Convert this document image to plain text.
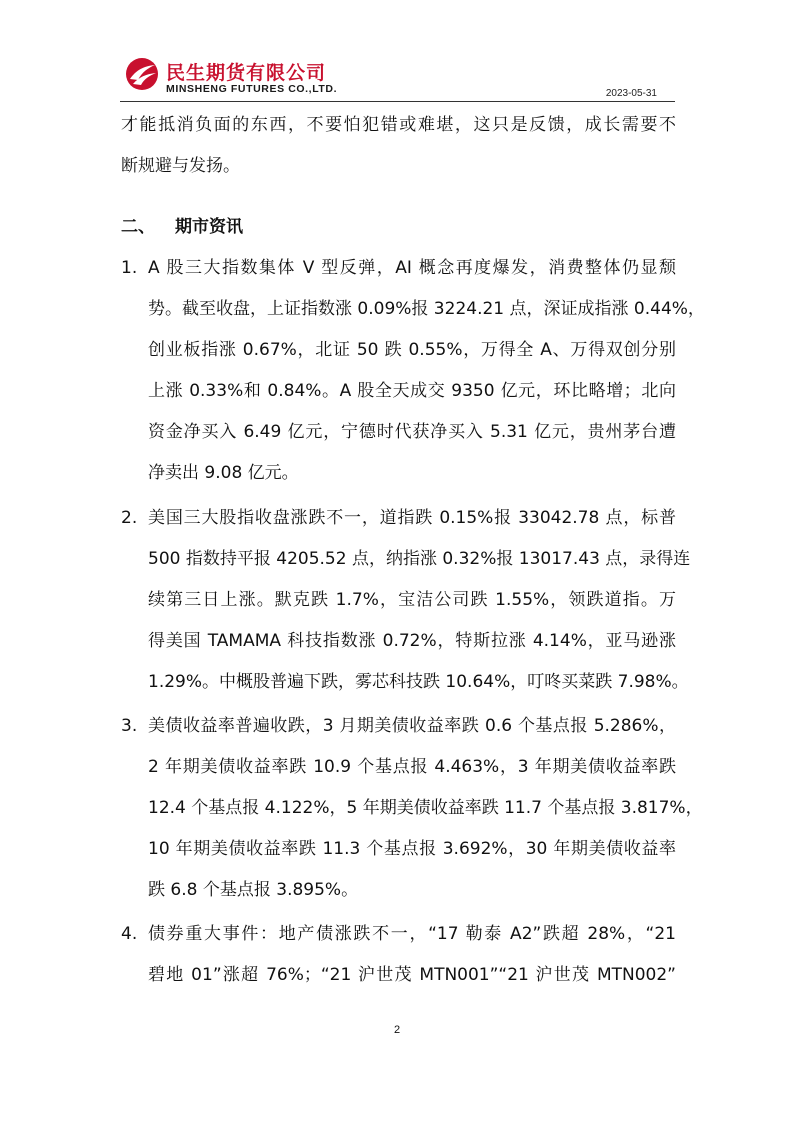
民生期货有限公司
MINSHENG FUTURES CO.,LTD.	2023-05-31
才能抵消负面的东西，不要怕犯错或难堪，这只是反馈，成长需要不
断规避与发扬。
二、 期市资讯
1. A 股三大指数集体 V 型反弹，AI 概念再度爆发，消费整体仍显颓
势。截至收盘，上证指数涨 0.09%报 3224.21 点，深证成指涨 0.44%，
创业板指涨 0.67%，北证 50 跌 0.55%，万得全 A、万得双创分别
上涨 0.33%和 0.84%。A 股全天成交 9350 亿元，环比略增；北向
资金净买入 6.49 亿元，宁德时代获净买入 5.31 亿元，贵州茅台遭
净卖出 9.08 亿元。
2. 美国三大股指收盘涨跌不一，道指跌 0.15%报 33042.78 点，标普
500 指数持平报 4205.52 点，纳指涨 0.32%报 13017.43 点，录得连
续第三日上涨。默克跌 1.7%，宝洁公司跌 1.55%，领跌道指。万
得美国 TAMAMA 科技指数涨 0.72%，特斯拉涨 4.14%，亚马逊涨
1.29%。中概股普遍下跌，雾芯科技跌 10.64%，叮咚买菜跌 7.98%。
3. 美债收益率普遍收跌，3 月期美债收益率跌 0.6 个基点报 5.286%，
2 年期美债收益率跌 10.9 个基点报 4.463%，3 年期美债收益率跌
12.4 个基点报 4.122%，5 年期美债收益率跌 11.7 个基点报 3.817%，
10 年期美债收益率跌 11.3 个基点报 3.692%，30 年期美债收益率
跌 6.8 个基点报 3.895%。
4. 债券重大事件：地产债涨跌不一，“17 勒泰 A2”跌超 28%，“21
碧地 01”涨超 76%；“21 沪世茂 MTN001”“21 沪世茂 MTN002”
2
